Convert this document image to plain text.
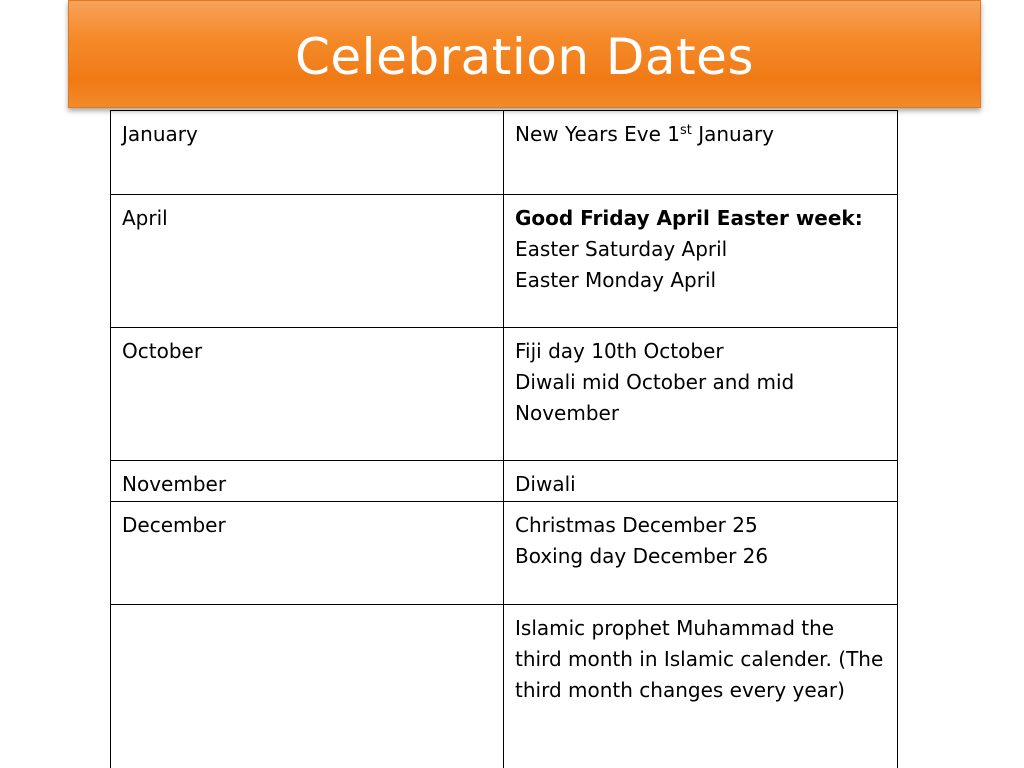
Celebration Dates
January	New Years Eve 1st January
April	Good Friday April Easter week:
Easter Saturday April
Easter Monday April

October	Fiji day 10th October
Diwali mid October and mid November

November	Diwali

December	Christmas December 25
Boxing day December 26

	Islamic prophet Muhammad the third month in Islamic calender. (The third month changes every year)
